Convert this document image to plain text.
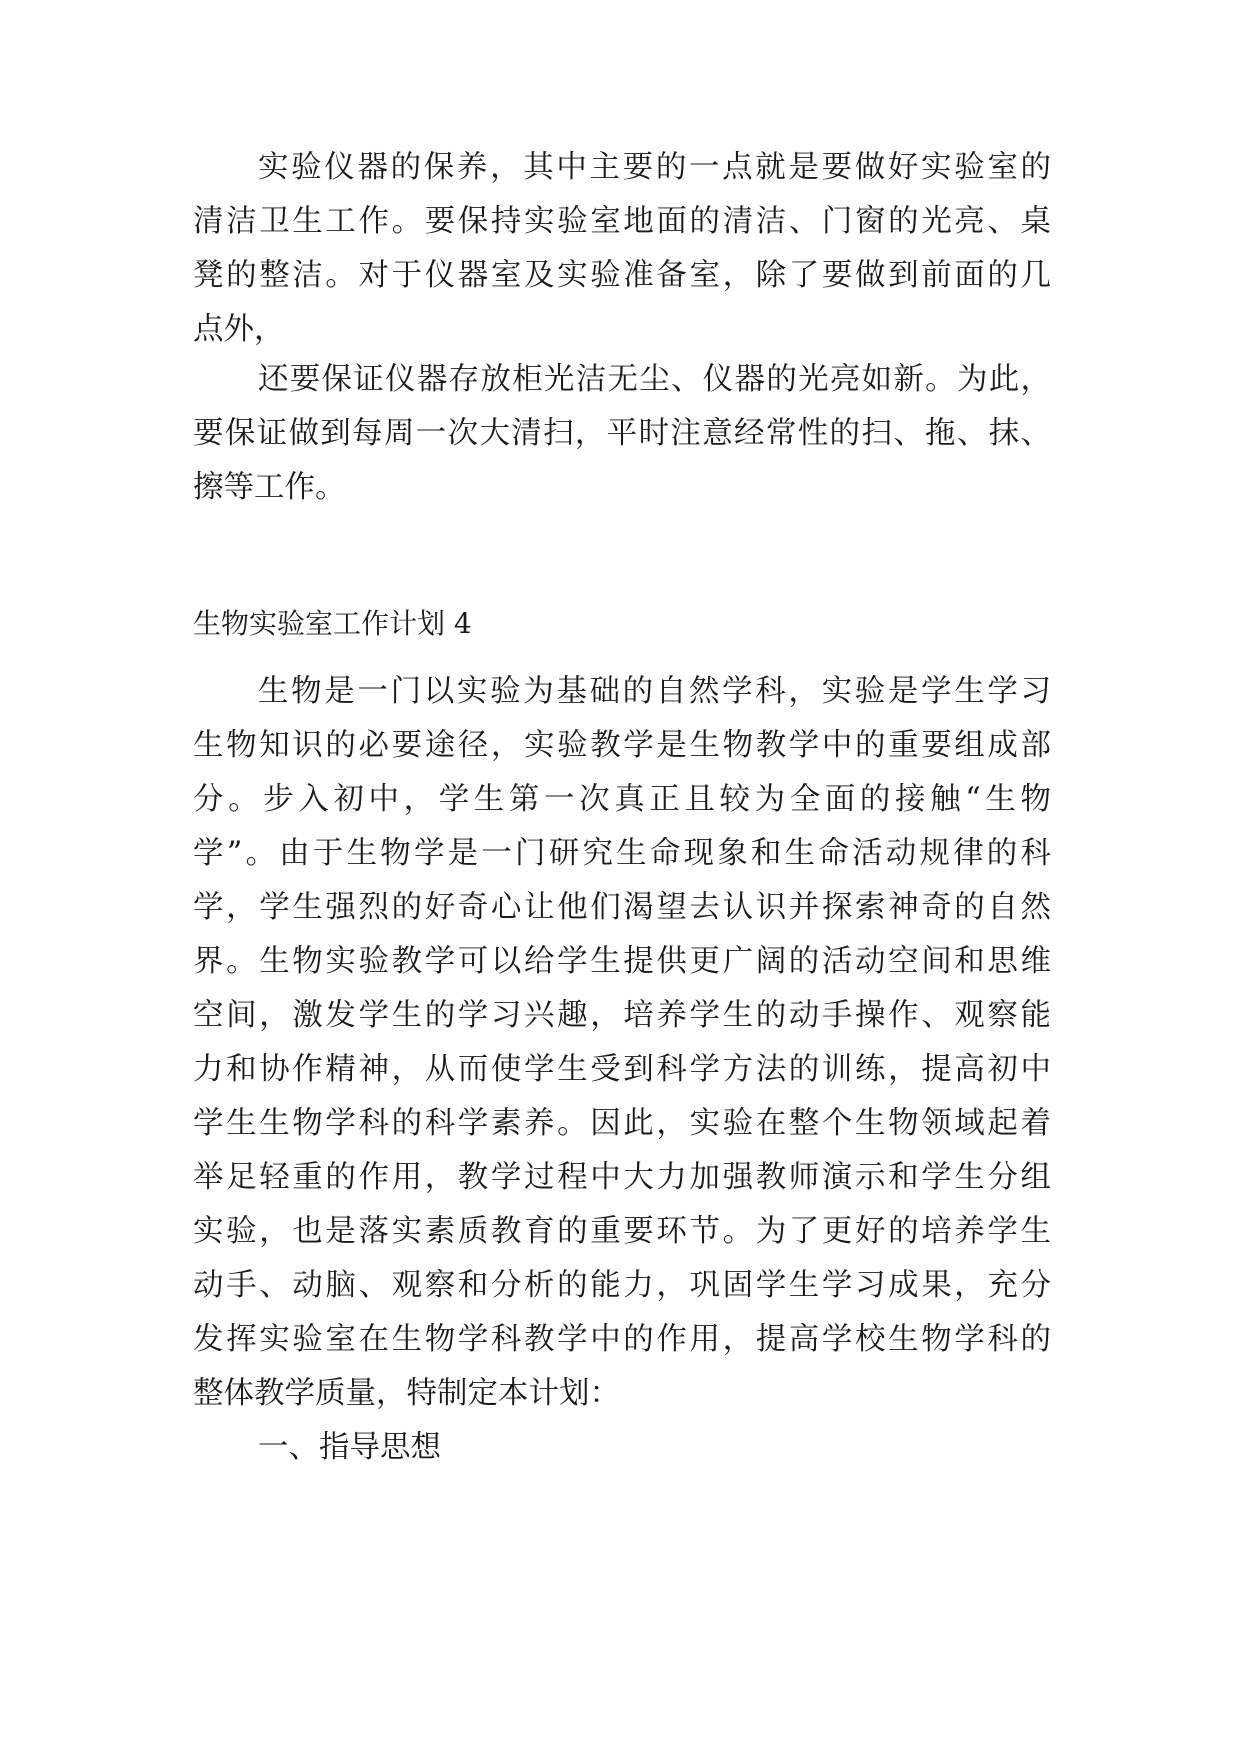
实验仪器的保养，其中主要的一点就是要做好实验室的
清洁卫生工作。要保持实验室地面的清洁、门窗的光亮、桌
凳的整洁。对于仪器室及实验准备室，除了要做到前面的几
点外，
还要保证仪器存放柜光洁无尘、仪器的光亮如新。为此，
要保证做到每周一次大清扫，平时注意经常性的扫、拖、抹、
擦等工作。
生物实验室工作计划 4
生物是一门以实验为基础的自然学科，实验是学生学习
生物知识的必要途径，实验教学是生物教学中的重要组成部
分。步入初中，学生第一次真正且较为全面的接触“生物
学”。由于生物学是一门研究生命现象和生命活动规律的科
学，学生强烈的好奇心让他们渴望去认识并探索神奇的自然
界。生物实验教学可以给学生提供更广阔的活动空间和思维
空间，激发学生的学习兴趣，培养学生的动手操作、观察能
力和协作精神，从而使学生受到科学方法的训练，提高初中
学生生物学科的科学素养。因此，实验在整个生物领域起着
举足轻重的作用，教学过程中大力加强教师演示和学生分组
实验，也是落实素质教育的重要环节。为了更好的培养学生
动手、动脑、观察和分析的能力，巩固学生学习成果，充分
发挥实验室在生物学科教学中的作用，提高学校生物学科的
整体教学质量，特制定本计划：
一、指导思想
